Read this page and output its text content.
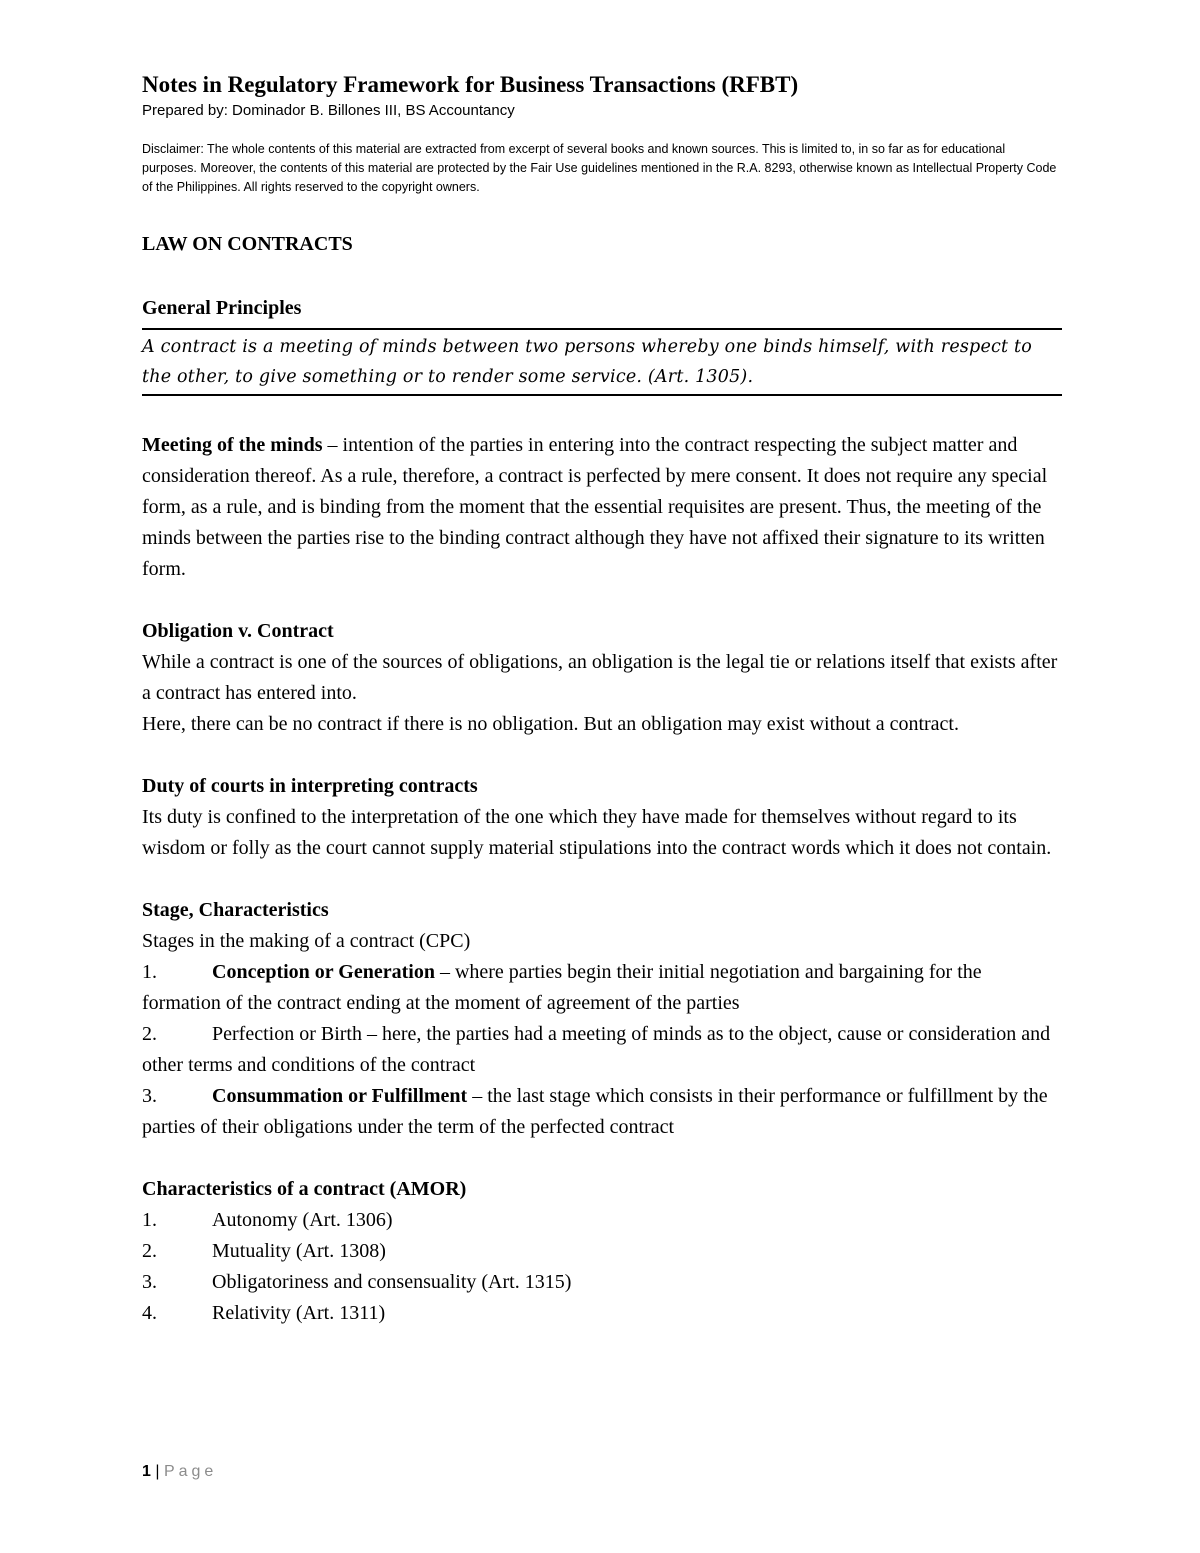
Notes in Regulatory Framework for Business Transactions (RFBT)

Prepared by: Dominador B. Billones III, BS Accountancy

Disclaimer: The whole contents of this material are extracted from excerpt of several books and known sources. This is limited to, in so far as for educational purposes. Moreover, the contents of this material are protected by the Fair Use guidelines mentioned in the R.A. 8293, otherwise known as Intellectual Property Code of the Philippines. All rights reserved to the copyright owners.

LAW ON CONTRACTS
General Principles

A contract is a meeting of minds between two persons whereby one binds himself, with respect to the other, to give something or to render some service. (Art. 1305).

Meeting of the minds – intention of the parties in entering into the contract respecting the subject matter and consideration thereof. As a rule, therefore, a contract is perfected by mere consent. It does not require any special form, as a rule, and is binding from the moment that the essential requisites are present. Thus, the meeting of the minds between the parties rise to the binding contract although they have not affixed their signature to its written form.

Obligation v. Contract

While a contract is one of the sources of obligations, an obligation is the legal tie or relations itself that exists after a contract has entered into.

Here, there can be no contract if there is no obligation. But an obligation may exist without a contract.

Duty of courts in interpreting contracts

Its duty is confined to the interpretation of the one which they have made for themselves without regard to its wisdom or folly as the court cannot supply material stipulations into the contract words which it does not contain.

Stage, Characteristics

Stages in the making of a contract (CPC)

1.	Conception or Generation – where parties begin their initial negotiation and bargaining for the formation of the contract ending at the moment of agreement of the parties

2.	Perfection or Birth – here, the parties had a meeting of minds as to the object, cause or consideration and other terms and conditions of the contract

3.	Consummation or Fulfillment – the last stage which consists in their performance or fulfillment by the parties of their obligations under the term of the perfected contract

Characteristics of a contract (AMOR)

1.	Autonomy (Art. 1306)

2.	Mutuality (Art. 1308)

3.	Obligatoriness and consensuality (Art. 1315)

4.	Relativity (Art. 1311)

1 | Page
